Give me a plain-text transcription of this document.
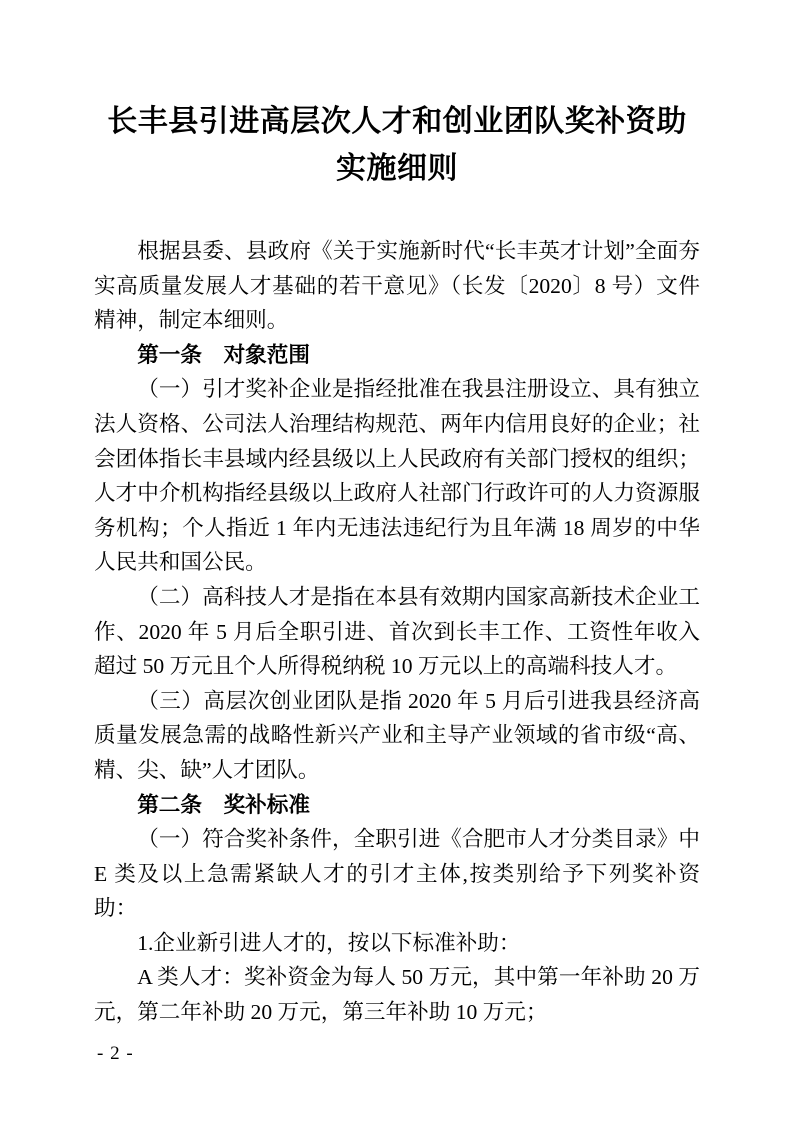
长丰县引进高层次人才和创业团队奖补资助
实施细则

根据县委、县政府《关于实施新时代“长丰英才计划”全面夯实高质量发展人才基础的若干意见》（长发〔2020〕8 号）文件精神，制定本细则。

第一条　对象范围

（一）引才奖补企业是指经批准在我县注册设立、具有独立法人资格、公司法人治理结构规范、两年内信用良好的企业；社会团体指长丰县域内经县级以上人民政府有关部门授权的组织；人才中介机构指经县级以上政府人社部门行政许可的人力资源服务机构；个人指近 1 年内无违法违纪行为且年满 18 周岁的中华人民共和国公民。

（二）高科技人才是指在本县有效期内国家高新技术企业工作、2020 年 5 月后全职引进、首次到长丰工作、工资性年收入超过 50 万元且个人所得税纳税 10 万元以上的高端科技人才。

（三）高层次创业团队是指 2020 年 5 月后引进我县经济高质量发展急需的战略性新兴产业和主导产业领域的省市级“高、精、尖、缺”人才团队。

第二条　奖补标准

（一）符合奖补条件，全职引进《合肥市人才分类目录》中 E 类及以上急需紧缺人才的引才主体,按类别给予下列奖补资助：

1.企业新引进人才的，按以下标准补助：

A 类人才：奖补资金为每人 50 万元，其中第一年补助 20 万元，第二年补助 20 万元，第三年补助 10 万元；

- 2 -
